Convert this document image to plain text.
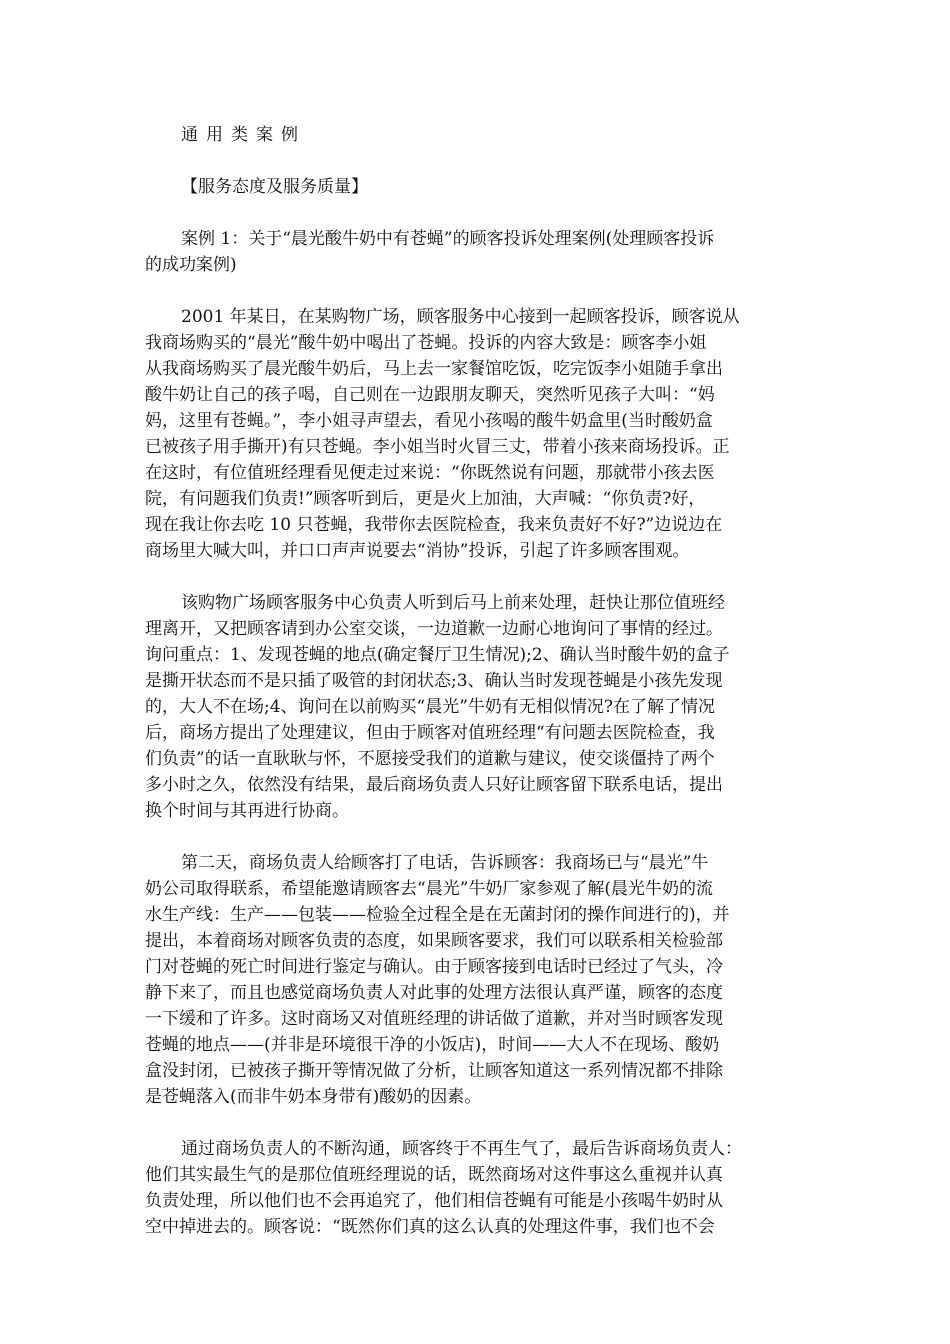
通用类案例
【服务态度及服务质量】
案例 1：关于“晨光酸牛奶中有苍蝇”的顾客投诉处理案例(处理顾客投诉
的成功案例)
2001 年某日，在某购物广场，顾客服务中心接到一起顾客投诉，顾客说从
我商场购买的“晨光”酸牛奶中喝出了苍蝇。投诉的内容大致是：顾客李小姐
从我商场购买了晨光酸牛奶后，马上去一家餐馆吃饭，吃完饭李小姐随手拿出
酸牛奶让自己的孩子喝，自己则在一边跟朋友聊天，突然听见孩子大叫：“妈
妈，这里有苍蝇。”，李小姐寻声望去，看见小孩喝的酸牛奶盒里(当时酸奶盒
已被孩子用手撕开)有只苍蝇。李小姐当时火冒三丈，带着小孩来商场投诉。正
在这时，有位值班经理看见便走过来说：“你既然说有问题，那就带小孩去医
院，有问题我们负责!”顾客听到后，更是火上加油，大声喊：“你负责?好，
现在我让你去吃 10 只苍蝇，我带你去医院检查，我来负责好不好?”边说边在
商场里大喊大叫，并口口声声说要去“消协”投诉，引起了许多顾客围观。
该购物广场顾客服务中心负责人听到后马上前来处理，赶快让那位值班经
理离开，又把顾客请到办公室交谈，一边道歉一边耐心地询问了事情的经过。
询问重点：1、发现苍蝇的地点(确定餐厅卫生情况);2、确认当时酸牛奶的盒子
是撕开状态而不是只插了吸管的封闭状态;3、确认当时发现苍蝇是小孩先发现
的，大人不在场;4、询问在以前购买“晨光”牛奶有无相似情况?在了解了情况
后，商场方提出了处理建议，但由于顾客对值班经理“有问题去医院检查，我
们负责”的话一直耿耿与怀，不愿接受我们的道歉与建议，使交谈僵持了两个
多小时之久，依然没有结果，最后商场负责人只好让顾客留下联系电话，提出
换个时间与其再进行协商。
第二天，商场负责人给顾客打了电话，告诉顾客：我商场已与“晨光”牛
奶公司取得联系，希望能邀请顾客去“晨光”牛奶厂家参观了解(晨光牛奶的流
水生产线：生产——包装——检验全过程全是在无菌封闭的操作间进行的)，并
提出，本着商场对顾客负责的态度，如果顾客要求，我们可以联系相关检验部
门对苍蝇的死亡时间进行鉴定与确认。由于顾客接到电话时已经过了气头，冷
静下来了，而且也感觉商场负责人对此事的处理方法很认真严谨，顾客的态度
一下缓和了许多。这时商场又对值班经理的讲话做了道歉，并对当时顾客发现
苍蝇的地点——(并非是环境很干净的小饭店)，时间——大人不在现场、酸奶
盒没封闭，已被孩子撕开等情况做了分析，让顾客知道这一系列情况都不排除
是苍蝇落入(而非牛奶本身带有)酸奶的因素。
通过商场负责人的不断沟通，顾客终于不再生气了，最后告诉商场负责人：
他们其实最生气的是那位值班经理说的话，既然商场对这件事这么重视并认真
负责处理，所以他们也不会再追究了，他们相信苍蝇有可能是小孩喝牛奶时从
空中掉进去的。顾客说：“既然你们真的这么认真的处理这件事，我们也不会
